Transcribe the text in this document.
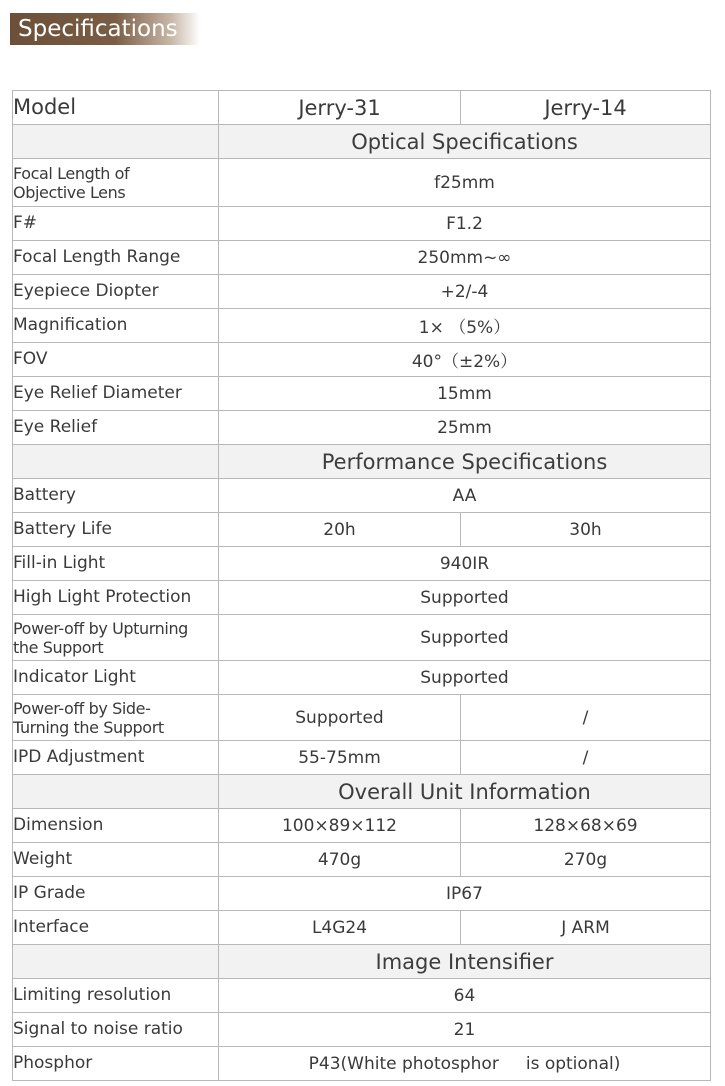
Specifications
Model	Jerry-31	Jerry-14
	Optical Specifications	

Focal Length of
Objective Lens	f25mm	
F#	F1.2	
Focal Length Range	250mm~∞	
Eyepiece Diopter	+2/-4	
Magnification	1× （5%）	
FOV	40°（±2%）	
Eye Relief Diameter	15mm	
Eye Relief	25mm	
	Performance Specifications	
Battery	AA	
Battery Life	20h	30h
Fill-in Light	940IR	
High Light Protection	Supported	

Power-off by Upturning
the Support	Supported	
Indicator Light	Supported	

Power-off by Side-
Turning the Support	Supported	/
IPD Adjustment	55-75mm	/
	Overall Unit Information	
Dimension	100×89×112	128×68×69
Weight	470g	270g
IP Grade	IP67	
Interface	L4G24	J ARM
	Image Intensifier	
Limiting resolution	64	
Signal to noise ratio	21	
Phosphor	P43(White photosphor     is optional)	
